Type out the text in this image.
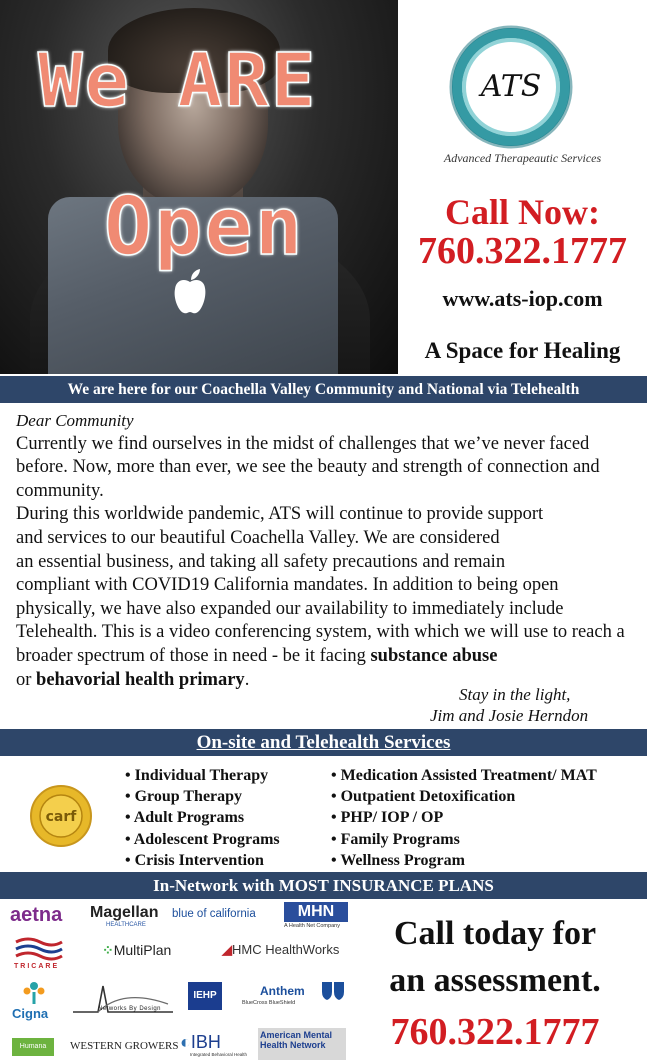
We ARE
Open
ATS
Advanced Therapeautic Services
Call Now:
760.322.1777
www.ats-iop.com
A Space for Healing
We are here for our Coachella Valley Community and National via Telehealth
Dear Community
Currently we find ourselves in the midst of challenges that we’ve never faced before. Now, more than ever, we see the beauty and strength of connection and community.
During this worldwide pandemic, ATS will continue to provide support
and services to our beautiful Coachella Valley. We are considered
an essential business, and taking all safety precautions and remain
compliant with COVID19 California mandates. In addition to being open physically, we have also expanded our availability to immediately include Telehealth. This is a video conferencing system, with which we will use to reach a broader spectrum of those in need - be it facing substance abuse
or behavorial health primary.
Stay in the light,
Jim and Josie Herndon
On-site and Telehealth Services
carf
• Individual Therapy
• Group Therapy
• Adult Programs
• Adolescent Programs
• Crisis Intervention
• Medication Assisted Treatment/ MAT
• Outpatient Detoxification
• PHP/ IOP / OP
• Family Programs
• Wellness Program
In-Network with MOST INSURANCE PLANS
aetna Magellan
HEALTHCARE
blue of california	MHN
A Health Net Company
TRICARE
⁘MultiPlan	◢HMC HealthWorks
Cigna	Networks By Design
IEHP	Anthem
BlueCross BlueShield
Humana	WESTERN GROWERS ◐IBH
Integrated Behavioral Health
American Mental
Health Network
Call today for
an assessment.
760.322.1777
